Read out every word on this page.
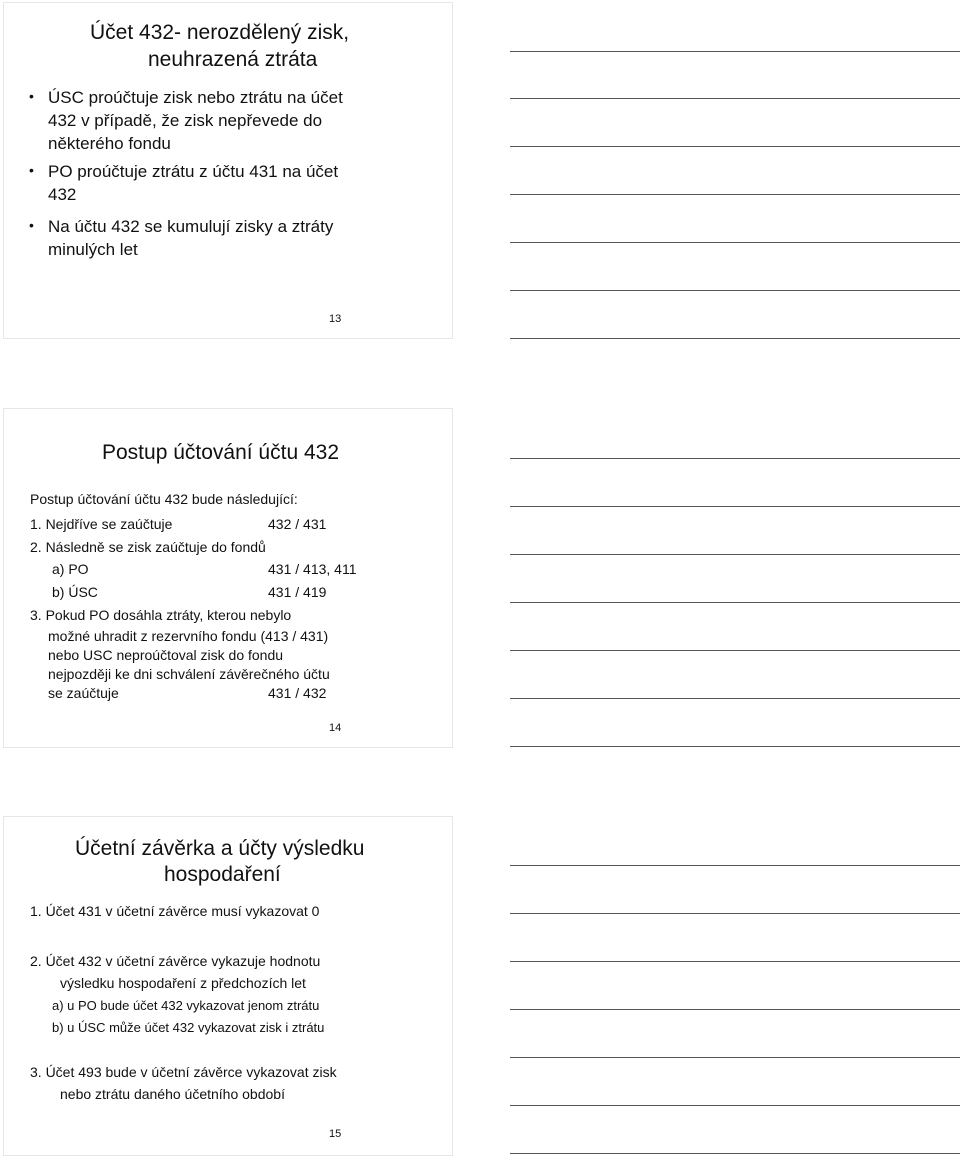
Účet 432- nerozdělený zisk,
neuhrazená ztráta
• ÚSC proúčtuje zisk nebo ztrátu na účet
432 v případě, že zisk nepřevede do
některého fondu
• PO proúčtuje ztrátu z účtu 431 na účet
432
• Na účtu 432 se kumulují zisky a ztráty
minulých let
13
Postup účtování účtu 432
Postup účtování účtu 432 bude následující:
1. Nejdříve se zaúčtuje	432 / 431
2. Následně se zisk zaúčtuje do fondů
a) PO	431 / 413, 411
b) ÚSC	431 / 419
3. Pokud PO dosáhla ztráty, kterou nebylo
možné uhradit z rezervního fondu (413 / 431)
nebo USC neproúčtoval zisk do fondu
nejpozději ke dni schválení závěrečného účtu
se zaúčtuje	431 / 432
14
Účetní závěrka a účty výsledku
hospodaření
1. Účet 431 v účetní závěrce musí vykazovat 0
2. Účet 432 v účetní závěrce vykazuje hodnotu
výsledku hospodaření z předchozích let
a) u PO bude účet 432 vykazovat jenom ztrátu
b) u ÚSC může účet 432 vykazovat zisk i ztrátu
3. Účet 493 bude v účetní závěrce vykazovat zisk
nebo ztrátu daného účetního období
15
